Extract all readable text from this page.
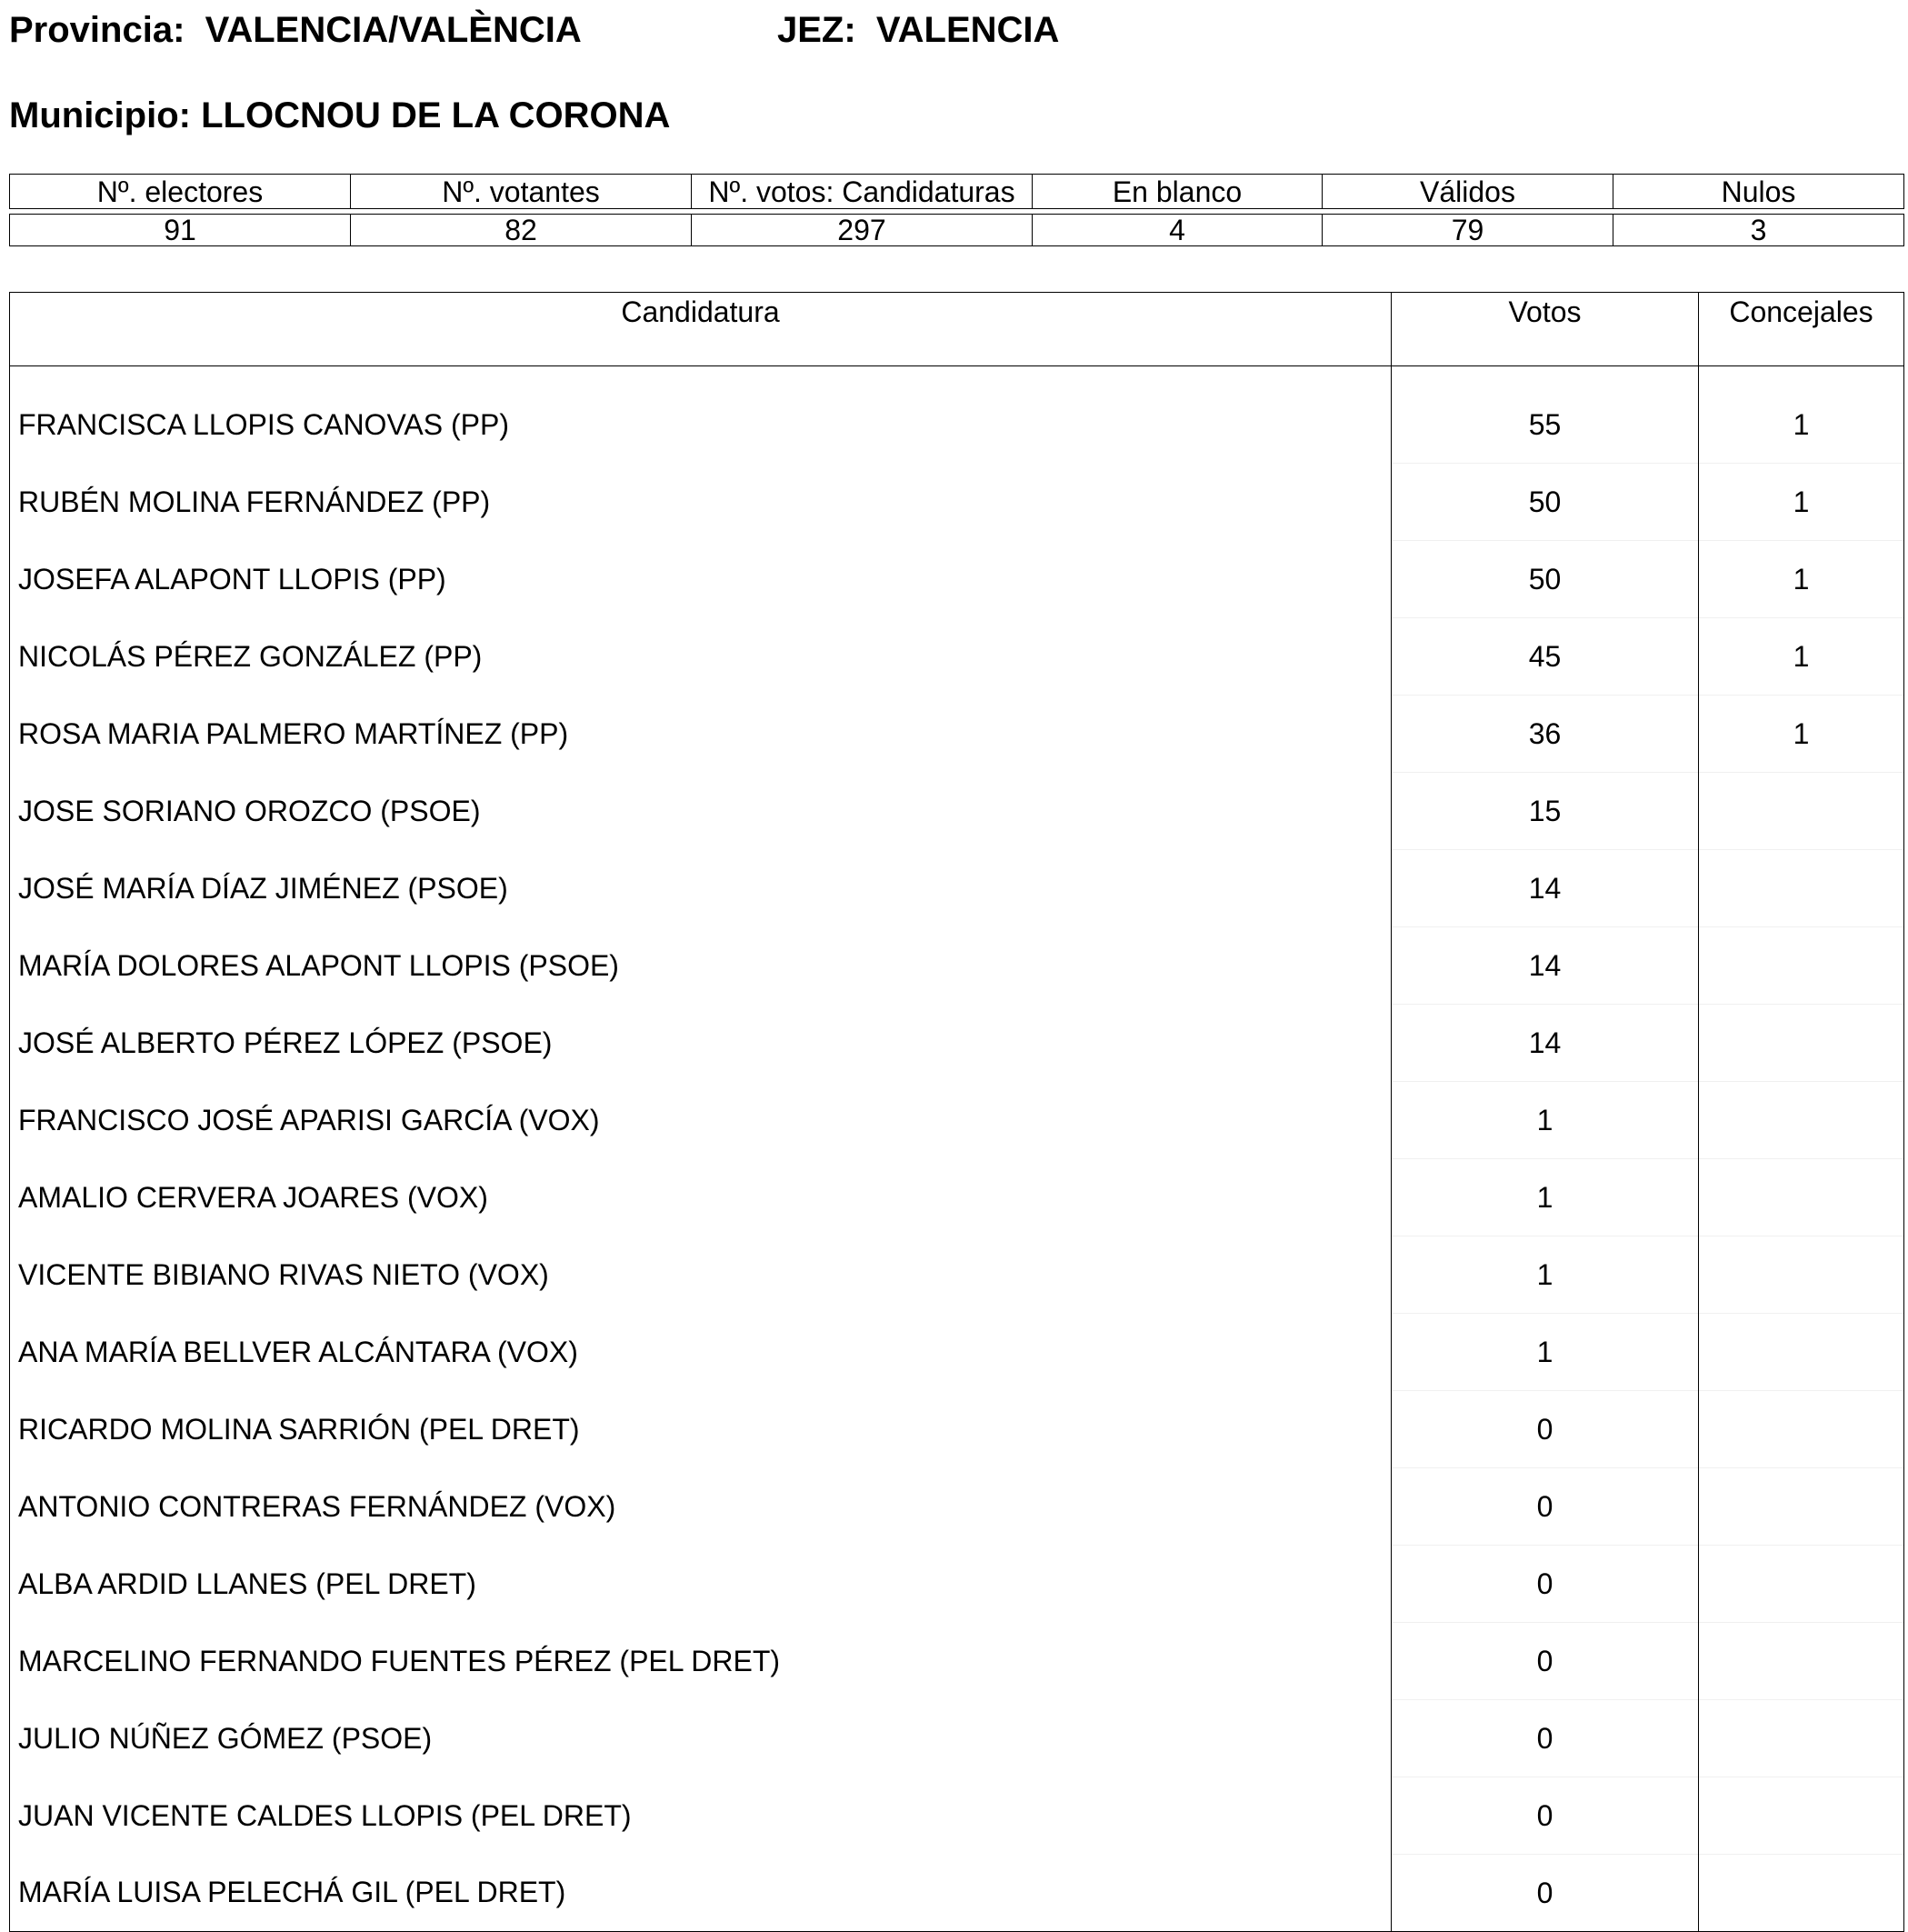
Provincia: VALENCIA/VALÈNCIA	JEZ: VALENCIA
Municipio: LLOCNOU DE LA CORONA
Nº. electores	Nº. votantes	Nº. votos: Candidaturas	En blanco	Válidos	Nulos

91	82	297	4	79	3
Candidatura	Votos	Concejales

FRANCISCA LLOPIS CANOVAS (PP)	55	1
RUBÉN MOLINA FERNÁNDEZ (PP)	50	1
JOSEFA ALAPONT LLOPIS (PP)	50	1
NICOLÁS PÉREZ GONZÁLEZ (PP)	45	1
ROSA MARIA PALMERO MARTÍNEZ (PP)	36	1
JOSE SORIANO OROZCO (PSOE)	15	
JOSÉ MARÍA DÍAZ JIMÉNEZ (PSOE)	14	
MARÍA DOLORES ALAPONT LLOPIS (PSOE)	14	
JOSÉ ALBERTO PÉREZ LÓPEZ (PSOE)	14	
FRANCISCO JOSÉ APARISI GARCÍA (VOX)	1	
AMALIO CERVERA JOARES (VOX)	1	
VICENTE BIBIANO RIVAS NIETO (VOX)	1	
ANA MARÍA BELLVER ALCÁNTARA (VOX)	1	
RICARDO MOLINA SARRIÓN (PEL DRET)	0	
ANTONIO CONTRERAS FERNÁNDEZ (VOX)	0	
ALBA ARDID LLANES (PEL DRET)	0	
MARCELINO FERNANDO FUENTES PÉREZ (PEL DRET)	0	
JULIO NÚÑEZ GÓMEZ (PSOE)	0	
JUAN VICENTE CALDES LLOPIS (PEL DRET)	0	
MARÍA LUISA PELECHÁ GIL (PEL DRET)	0	
